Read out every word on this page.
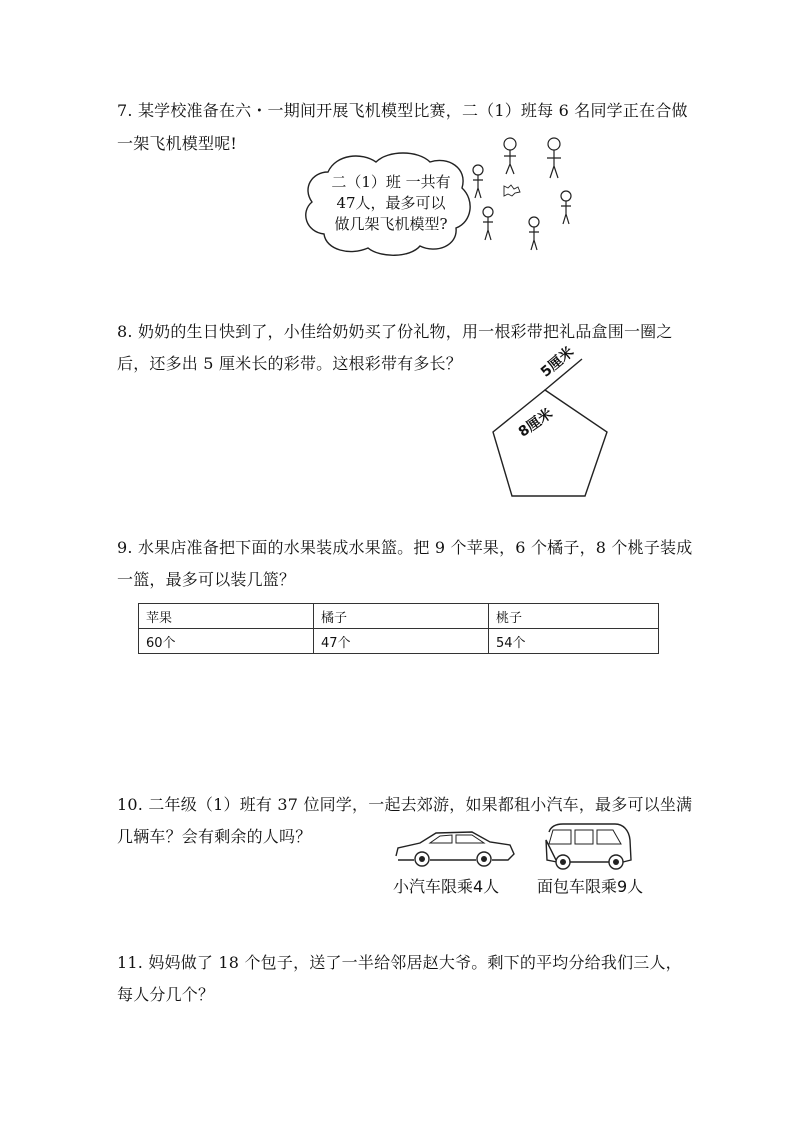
7. 某学校准备在六・一期间开展飞机模型比赛，二（1）班每 6 名同学正在合做
一架飞机模型呢!
二（1）班 一共有
47人，最多可以
做几架飞机模型?
8. 奶奶的生日快到了，小佳给奶奶买了份礼物，用一根彩带把礼品盒围一圈之
后，还多出 5 厘米长的彩带。这根彩带有多长？	5厘米
8厘米
9. 水果店准备把下面的水果装成水果篮。把 9 个苹果，6 个橘子，8 个桃子装成
一篮，最多可以装几篮？
苹果	橘子	桃子
60个	47个	54个
10. 二年级（1）班有 37 位同学，一起去郊游，如果都租小汽车，最多可以坐满
几辆车？会有剩余的人吗？
小汽车限乘4人 面包车限乘9人
11. 妈妈做了 18 个包子，送了一半给邻居赵大爷。剩下的平均分给我们三人，
每人分几个？
